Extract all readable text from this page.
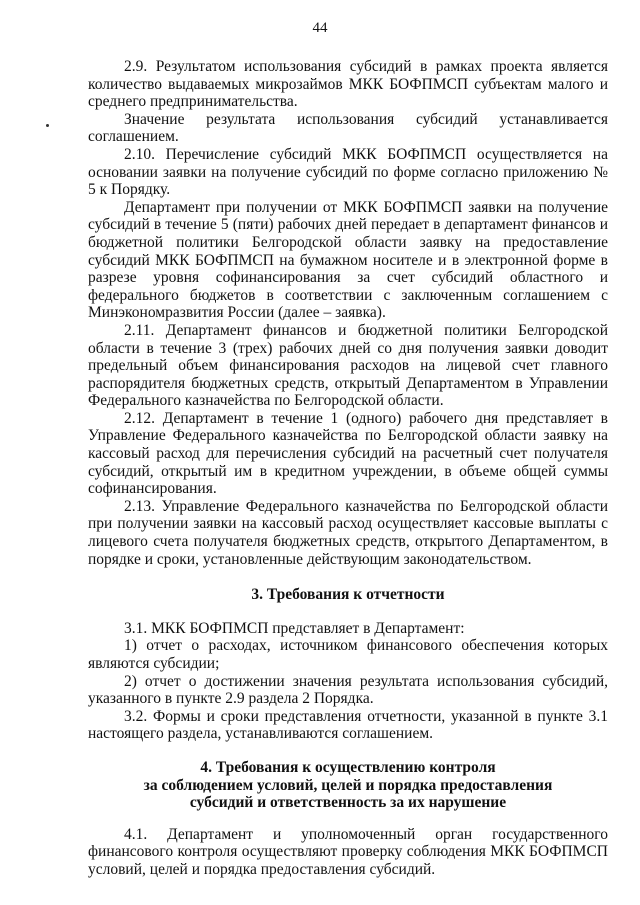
44

2.9. Результатом использования субсидий в рамках проекта является количество выдаваемых микрозаймов МКК БОФПМСП субъектам малого и среднего предпринимательства.

Значение результата использования субсидий устанавливается соглашением.

2.10. Перечисление субсидий МКК БОФПМСП осуществляется на основании заявки на получение субсидий по форме согласно приложению № 5 к Порядку.

Департамент при получении от МКК БОФПМСП заявки на получение субсидий в течение 5 (пяти) рабочих дней передает в департамент финансов и бюджетной политики Белгородской области заявку на предоставление субсидий МКК БОФПМСП на бумажном носителе и в электронной форме в разрезе уровня софинансирования за счет субсидий областного и федерального бюджетов в соответствии с заключенным соглашением с Минэкономразвития России (далее – заявка).

2.11. Департамент финансов и бюджетной политики Белгородской области в течение 3 (трех) рабочих дней со дня получения заявки доводит предельный объем финансирования расходов на лицевой счет главного распорядителя бюджетных средств, открытый Департаментом в Управлении Федерального казначейства по Белгородской области.

2.12. Департамент в течение 1 (одного) рабочего дня представляет в Управление Федерального казначейства по Белгородской области заявку на кассовый расход для перечисления субсидий на расчетный счет получателя субсидий, открытый им в кредитном учреждении, в объеме общей суммы софинансирования.

2.13. Управление Федерального казначейства по Белгородской области при получении заявки на кассовый расход осуществляет кассовые выплаты с лицевого счета получателя бюджетных средств, открытого Департаментом, в порядке и сроки, установленные действующим законодательством.

3. Требования к отчетности

3.1. МКК БОФПМСП представляет в Департамент:

1) отчет о расходах, источником финансового обеспечения которых являются субсидии;

2) отчет о достижении значения результата использования субсидий, указанного в пункте 2.9 раздела 2 Порядка.

3.2. Формы и сроки представления отчетности, указанной в пункте 3.1 настоящего раздела, устанавливаются соглашением.

4. Требования к осуществлению контроля

за соблюдением условий, целей и порядка предоставления

субсидий и ответственность за их нарушение

4.1. Департамент и уполномоченный орган государственного финансового контроля осуществляют проверку соблюдения МКК БОФПМСП условий, целей и порядка предоставления субсидий.
